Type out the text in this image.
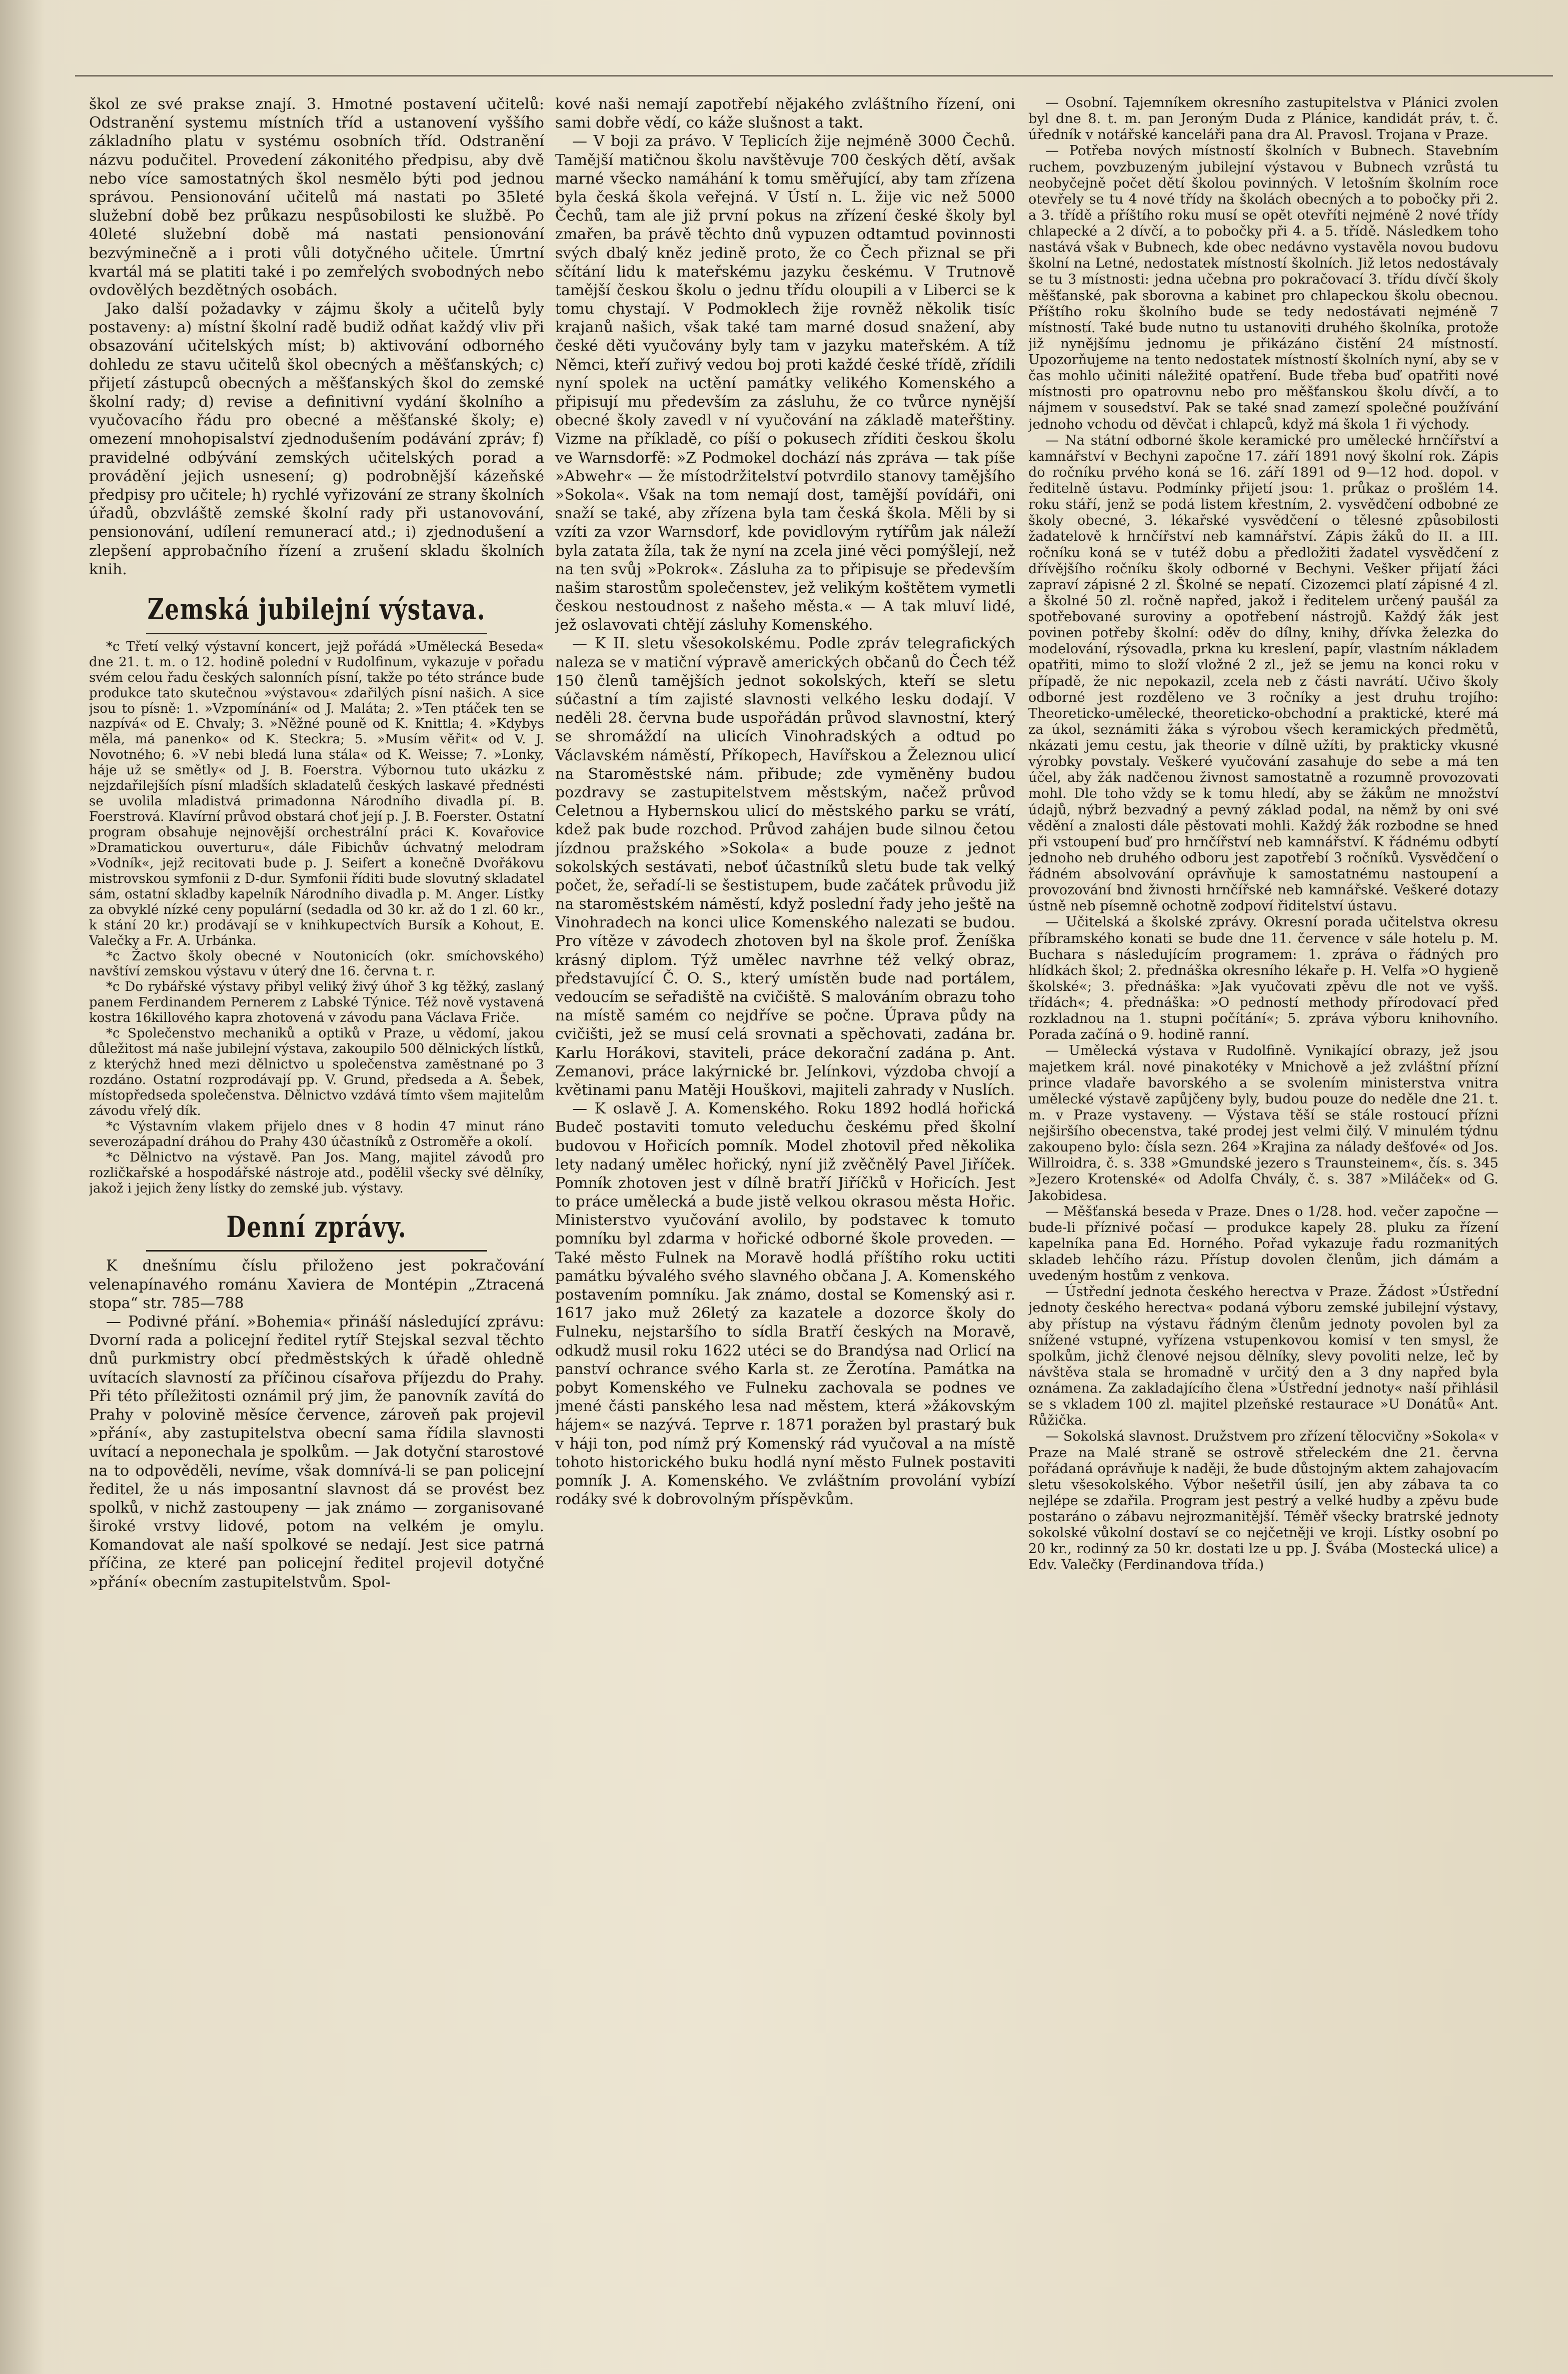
škol ze své prakse znají. 3. Hmotné postavení učitelů: Odstranění systemu místních tříd a ustanovení vyššího základního platu v systému osobních tříd. Odstranění názvu podučitel. Provedení zákonitého předpisu, aby dvě nebo více samostatných škol nesmělo býti pod jednou správou. Pensionování učitelů má nastati po 35leté služební době bez průkazu nespůsobilosti ke službě. Po 40leté služební době má nastati pensionování bezvýminečně a i proti vůli dotyčného učitele. Úmrtní kvartál má se platiti také i po zemřelých svobodných nebo ovdovělých bezdětných osobách.

Jako další požadavky v zájmu školy a učitelů byly postaveny: a) místní školní radě budiž odňat každý vliv při obsazování učitelských míst; b) aktivování odborného dohledu ze stavu učitelů škol obecných a měšťanských; c) přijetí zástupců obecných a měšťanských škol do zemské školní rady; d) revise a definitivní vydání školního a vyučovacího řádu pro obecné a měšťanské školy; e) omezení mnohopisalství zjednodušením podávání zpráv; f) pravidelné odbývání zemských učitelských porad a provádění jejich usnesení; g) podrobnější kázeňské předpisy pro učitele; h) rychlé vyřizování ze strany školních úřadů, obzvláště zemské školní rady při ustanovování, pensionování, udílení remunerací atd.; i) zjednodušení a zlepšení approbačního řízení a zrušení skladu školních knih.

Zemská jubilejní výstava.

*c Třetí velký výstavní koncert, jejž pořádá »Umělecká Beseda« dne 21. t. m. o 12. hodině polední v Rudolfinum, vykazuje v pořadu svém celou řadu českých salonních písní, takže po této stránce bude produkce tato skutečnou »výstavou« zdařilých písní našich. A sice jsou to písně: 1. »Vzpomínání« od J. Malátа; 2. »Ten ptáček ten se nazpívá« od E. Chvaly; 3. »Něžné pouně od K. Knittla; 4. »Kdybys měla, má panenko« od K. Steckra; 5. »Musím věřit« od V. J. Novotného; 6. »V nebi bledá luna stála« od K. Weisse; 7. »Lonky, háje už se smětly« od J. B. Foerstra. Výbornou tuto ukázku z nejzdařilejších písní mladších skladatelů českých laskavé přednésti se uvolila mladistvá primadonna Národního divadla pí. B. Foerstrová. Klavírní průvod obstará choť její p. J. B. Foerster. Ostatní program obsahuje nejnovější orchestrální práci K. Kovařovice »Dramatickou ouverturu«, dále Fibichův úchvatný melodram »Vodník«, jejž recitovati bude p. J. Seifert a konečně Dvořákovu mistrovskou symfonii z D-dur. Symfonii říditi bude slovutný skladatel sám, ostatní skladby kapelník Národního divadla p. M. Anger. Lístky za obvyklé nízké ceny populární (sedadla od 30 kr. až do 1 zl. 60 kr., k stání 20 kr.) prodávají se v knihkupectvích Bursík a Kohout, E. Valečky a Fr. A. Urbánka.

*c Žactvo školy obecné v Noutonicích (okr. smíchovského) navštíví zemskou výstavu v úterý dne 16. června t. r.

*c Do rybářské výstavy přibyl veliký živý úhoř 3 kg těžký, zaslaný panem Ferdinandem Pernerem z Labské Týnice. Též nově vystavená kostra 16killového kapra zhotovená v závodu pana Václava Friče.

*c Společenstvo mechaniků a optiků v Praze, u vědomí, jakou důležitost má naše jubilejní výstava, zakoupilo 500 dělnických lístků, z kterýchž hned mezi dělnictvo u společenstva zaměstnané po 3 rozdáno. Ostatní rozprodávají pp. V. Grund, předseda a A. Šebek, místopředseda společenstva. Dělnictvo vzdává tímto všem majitelům závodu vřelý dík.

*c Výstavním vlakem přijelo dnes v 8 hodin 47 minut ráno severozápadní dráhou do Prahy 430 účastníků z Ostroměře a okolí.

*c Dělnictvo na výstavě. Pan Jos. Mang, majitel závodů pro rozličkařské a hospodářské nástroje atd., podělil všecky své dělníky, jakož i jejich ženy lístky do zemské jub. výstavy.

Denní zprávy.

K dnešnímu číslu přiloženo jest pokračování velenapínavého románu Xaviera de Montépin „Ztracená stopa“ str. 785—788

— Podivné přání. »Bohemia« přináší následující zprávu: Dvorní rada a policejní ředitel rytíř Stejskal sezval těchto dnů purkmistry obcí předměstských k úřadě ohledně uvítacích slavností za příčinou císařova příjezdu do Prahy. Při této příležitosti oznámil prý jim, že panovník zavítá do Prahy v polovině měsíce července, zároveň pak projevil »přání«, aby zastupitelstva obecní sama řídila slavnosti uvítací a neponechala je spolkům. — Jak dotyční starostové na to odpověděli, nevíme, však domnívá-li se pan policejní ředitel, že u nás imposantní slavnost dá se provést bez spolků, v nichž zastoupeny — jak známo — zorganisované široké vrstvy lidové, potom na velkém je omylu. Komandovat ale naší spolkové se nedají. Jest sice patrná příčina, ze které pan policejní ředitel projevil dotyčné »přání« obecním zastupitelstvům. Spol-

kové naši nemají zapotřebí nějakého zvláštního řízení, oni sami dobře vědí, co káže slušnost a takt.

— V boji za právo. V Teplicích žije nejméně 3000 Čechů. Tamější matičnou školu navštěvuje 700 českých dětí, avšak marné všecko namáhání k tomu směřující, aby tam zřízena byla česká škola veřejná. V Ústí n. L. žije vic než 5000 Čechů, tam ale již první pokus na zřízení české školy byl zmařen, ba právě těchto dnů vypuzen odtamtud povinnosti svých dbalý kněz jedině proto, že co Čech přiznal se při sčítání lidu k mateřskému jazyku českému. V Trutnově tamější českou školu o jednu třídu oloupili a v Liberci se k tomu chystají. V Podmoklech žije rovněž několik tisíc krajanů našich, však také tam marné dosud snažení, aby české děti vyučovány byly tam v jazyku mateřském. A tíž Němci, kteří zuřivý vedou boj proti každé české třídě, zřídili nyní spolek na uctění památky velikého Komenského a připisují mu především za zásluhu, že co tvůrce nynější obecné školy zavedl v ní vyučování na základě mateřštiny. Vizme na příkladě, co píší o pokusech zříditi českou školu ve Warnsdorfě: »Z Podmokel dochází nás zpráva — tak píše »Abwehr« — že místodržitelství potvrdilo stanovy tamějšího »Sokola«. Však na tom nemají dost, tamější povídáři, oni snaží se také, aby zřízena byla tam česká škola. Měli by si vzíti za vzor Warnsdorf, kde povidlovým rytířům jak náleží byla zatata žíla, tak že nyní na zcela jiné věci pomýšlejí, než na ten svůj »Pokrok«. Zásluha za to připisuje se především našim starostům společenstev, jež velikým koštětem vymetli českou nestoudnost z našeho města.« — A tak mluví lidé, jež oslavovati chtějí zásluhy Komenského.

— K II. sletu všesokolskému. Podle zpráv telegrafických naleza se v matiční výpravě amerických občanů do Čech též 150 členů tamějších jednot sokolských, kteří se sletu súčastní a tím zajisté slavnosti velkého lesku dodají. V neděli 28. června bude uspořádán průvod slavnostní, který se shromáždí na ulicích Vinohradských a odtud po Václavském náměstí, Příkopech, Havířskou a Železnou ulicí na Staroměstské nám. přibude; zde vyměněny budou pozdravy se zastupitelstvem městským, načež průvod Celetnou a Hybernskou ulicí do městského parku se vrátí, kdež pak bude rozchod. Průvod zahájen bude silnou četou jízdnou pražského »Sokola« a bude pouze z jednot sokolských sestávati, neboť účastníků sletu bude tak velký počet, že, seřadí-li se šestistupem, bude začátek průvodu již na staroměstském náměstí, když poslední řady jeho ještě na Vinohradech na konci ulice Komenského nalezati se budou. Pro vítěze v závodech zhotoven byl na škole prof. Ženíška krásný diplom. Týž umělec navrhne též velký obraz, představující Č. O. S., který umístěn bude nad portálem, vedoucím se seřadiště na cvičiště. S malováním obrazu toho na místě samém co nejdříve se počne. Úprava půdy na cvičišti, jež se musí celá srovnati a spěchovati, zadána br. Karlu Horákovi, staviteli, práce dekorační zadána p. Ant. Zemanovi, práce lakýrnické br. Jelínkovi, výzdoba chvojí a květinami panu Matěji Houškovi, majiteli zahrady v Nuslích.

— K oslavě J. A. Komenského. Roku 1892 hodlá hořická Budeč postaviti tomuto veleduchu českému před školní budovou v Hořicích pomník. Model zhotovil před několika lety nadaný umělec hořický, nyní již zvěčnělý Pavel Jiříček. Pomník zhotoven jest v dílně bratří Jiříčků v Hořicích. Jest to práce umělecká a bude jistě velkou okrasou města Hořic. Ministerstvo vyučování avolilo, by podstavec k tomuto pomníku byl zdarma v hořické odborné škole proveden. — Také město Fulnek na Moravě hodlá příštího roku uctiti památku bývalého svého slavného občana J. A. Komenského postavením pomníku. Jak známo, dostal se Komenský asi r. 1617 jako muž 26letý za kazatele a dozorce školy do Fulneku, nejstaršího to sídla Bratří českých na Moravě, odkudž musil roku 1622 utéci se do Brandýsa nad Orlicí na panství ochrance svého Karla st. ze Žerotína. Památka na pobyt Komenského ve Fulneku zachovala se podnes ve jmené části panského lesa nad městem, která »žákovským hájem« se nazývá. Teprve r. 1871 poražen byl prastarý buk v háji ton, pod nímž prý Komenský rád vyučoval a na místě tohoto historického buku hodlá nyní město Fulnek postaviti pomník J. A. Komenského. Ve zvláštním provolání vybízí rodáky své k dobrovolným příspěvkům.

— Osobní. Tajemníkem okresního zastupitelstva v Plánici zvolen byl dne 8. t. m. pan Jeroným Duda z Plánice, kandidát práv, t. č. úředník v notářské kanceláři pana dra Al. Pravosl. Trojana v Praze.

— Potřeba nových místností školních v Bubnech. Stavebním ruchem, povzbuzeným jubilejní výstavou v Bubnech vzrůstá tu neobyčejně počet dětí školou povinných. V letošním školním roce otevřely se tu 4 nové třídy na školách obecných a to pobočky při 2. a 3. třídě a příštího roku musí se opět otevříti nejméně 2 nové třídy chlapecké a 2 dívčí, a to pobočky při 4. a 5. třídě. Následkem toho nastává však v Bubnech, kde obec nedávno vystavěla novou budovu školní na Letné, nedostatek místností školních. Již letos nedostávaly se tu 3 místnosti: jedna učebna pro pokračovací 3. třídu dívčí školy měšťanské, pak sborovna a kabinet pro chlapeckou školu obecnou. Příštího roku školního bude se tedy nedostávati nejméně 7 místností. Také bude nutno tu ustanoviti druhého školníka, protože již nynějšímu jednomu je přikázáno čistění 24 místností. Upozorňujeme na tento nedostatek místností školních nyní, aby se v čas mohlo učiniti náležité opatření. Bude třeba buď opatřiti nové místnosti pro opatrovnu nebo pro měšťanskou školu dívčí, a to nájmem v sousedství. Pak se také snad zamezí společné používání jednoho vchodu od děvčat i chlapců, když má škola 1 ři východy.

— Na státní odborné škole keramické pro umělecké hrnčířství a kamnářství v Bechyni započne 17. září 1891 nový školní rok. Zápis do ročníku prvého koná se 16. září 1891 od 9—12 hod. dopol. v ředitelně ústavu. Podmínky přijetí jsou: 1. průkaz o prošlém 14. roku stáří, jenž se podá listem křestním, 2. vysvědčení odbobné ze školy obecné, 3. lékařské vysvědčení o tělesné způsobilosti žadatelově k hrnčířství neb kamnářství. Zápis žáků do II. a III. ročníku koná se v tutéž dobu a předložiti žadatel vysvědčení z dřívějšího ročníku školy odborné v Bechyni. Vešker přijatí žáci zapraví zápisné 2 zl. Školné se nepatí. Cizozemci platí zápisné 4 zl. a školné 50 zl. ročně napřed, jakož i ředitelem určený paušál za spotřebované suroviny a opotřebení nástrojů. Každý žák jest povinen potřeby školní: oděv do dílny, knihy, dřívka železka do modelování, rýsovadla, prkna ku kreslení, papír, vlastním nákladem opatřiti, mimo to složí vložné 2 zl., jež se jemu na konci roku v případě, že nic nepokazil, zcela neb z části navrátí. Učivo školy odborné jest rozděleno ve 3 ročníky a jest druhu trojího: Theoreticko-umělecké, theoreticko-obchodní a praktické, které má za úkol, seznámiti žáka s výrobou všech keramických předmětů, nkázati jemu cestu, jak theorie v dílně užíti, by prakticky vkusné výrobky povstaly. Veškeré vyučování zasahuje do sebe a má ten účel, aby žák nadčenou živnost samostatně a rozumně provozovati mohl. Dle toho vždy se k tomu hledí, aby se žákům ne množství údajů, nýbrž bezvadný a pevný základ podal, na němž by oni své vědění a znalosti dále pěstovati mohli. Každý žák rozbodne se hned při vstoupení buď pro hrnčířství neb kamnářství. K řádnému odbytí jednoho neb druhého odboru jest zapotřebí 3 ročníků. Vysvědčení o řádném absolvování oprávňuje k samostatnému nastoupení a provozování bnd živnosti hrnčířské neb kamnářské. Veškeré dotazy ústně neb písemně ochotně zodpoví řiditelství ústavu.

— Učitelská a školské zprávy. Okresní porada učitelstva okresu příbramského konati se bude dne 11. července v sále hotelu p. M. Buchara s následujícím programem: 1. zpráva o řádných pro hlídkách škol; 2. přednáška okresního lékaře p. H. Velfa »O hygieně školské«; 3. přednáška: »Jak vyučovati zpěvu dle not ve vyšš. třídách«; 4. přednáška: »O pedností methody přírodovací před rozkladnou na 1. stupni počítání«; 5. zpráva výboru knihovního. Porada začíná o 9. hodině ranní.

— Umělecká výstava v Rudolfině. Vynikající obrazy, jež jsou majetkem král. nové pinakotéky v Mnichově a jež zvláštní přízní prince vladaře bavorského a se svolením ministerstva vnitra umělecké výstavě zapůjčeny byly, budou pouze do neděle dne 21. t. m. v Praze vystaveny. — Výstava těší se stále rostoucí přízni nejširšího obecenstva, také prodej jest velmi čilý. V minulém týdnu zakoupeno bylo: čísla sezn. 264 »Krajina za nálady dešťové« od Jos. Willroidra, č. s. 338 »Gmundské jezero s Traunsteinem«, čís. s. 345 »Jezero Krotenské« od Adolfa Chvály, č. s. 387 »Miláček« od G. Jakobidesa.

— Měšťanská beseda v Praze. Dnes o 1/28. hod. večer započne — bude-li příznivé počasí — produkce kapely 28. pluku za řízení kapelníka pana Ed. Horného. Pořad vykazuje řadu rozmanitých skladeb lehčího rázu. Přístup dovolen členům, jich dámám a uvedeným hostům z venkova.

— Ústřední jednota českého herectva v Praze. Žádost »Ústřední jednoty českého herectva« podaná výboru zemské jubilejní výstavy, aby přístup na výstavu řádným členům jednoty povolen byl za snížené vstupné, vyřízena vstupenkovou komisí v ten smysl, že spolkům, jichž členové nejsou dělníky, slevy povoliti nelze, leč by návštěva stala se hromadně v určitý den a 3 dny napřed byla oznámena. Za zakladajícího člena »Ústřední jednoty« naší přihlásil se s vkladem 100 zl. majitel plzeňské restaurace »U Donátů« Ant. Růžička.

— Sokolská slavnost. Družstvem pro zřízení tělocvičny »Sokola« v Praze na Malé straně se ostrově střeleckém dne 21. června pořádaná oprávňuje k naději, že bude důstojným aktem zahajovacím sletu všesokolského. Výbor nešetřil úsilí, jen aby zábava ta co nejlépe se zdařila. Program jest pestrý a velké hudby a zpěvu bude postaráno o zábavu nejrozmanitější. Téměř všecky bratrské jednoty sokolské vůkolní dostaví se co nejčetněji ve kroji. Lístky osobní po 20 kr., rodinný za 50 kr. dostati lze u pp. J. Švába (Mostecká ulice) a Edv. Valečky (Ferdinandova třída.)
